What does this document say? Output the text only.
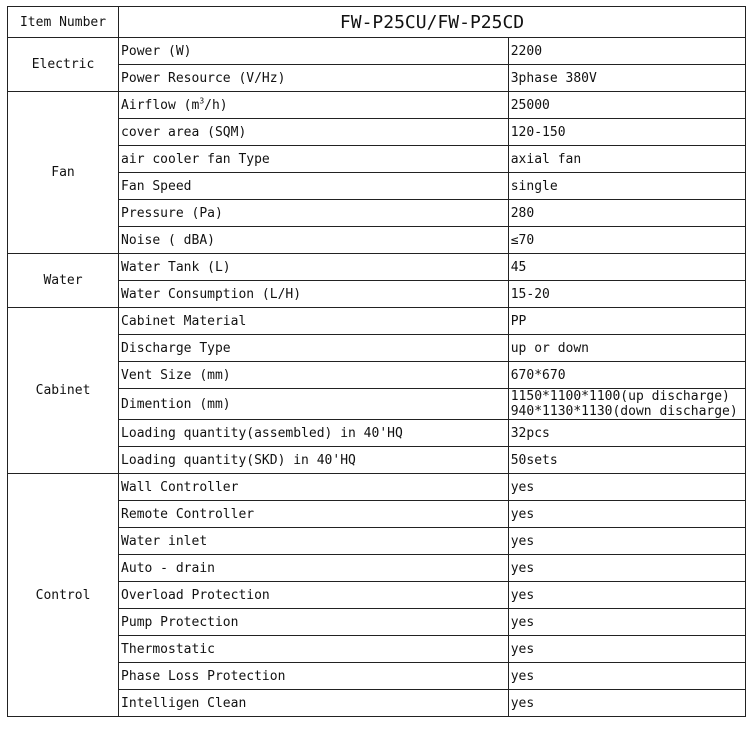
Item Number	FW-P25CU/FW-P25CD	
Electric	Power (W)	2200
	Power Resource (V/Hz)	3phase 380V
Fan	Airflow $(m^3/h)$	25000
	cover area (SQM)	120-150
	air cooler fan Type	axial fan
	Fan Speed	single
	Pressure (Pa)	280
	Noise ( dBA)	≤70
Water	Water Tank (L)	45
	Water Consumption (L/H)	15-20
Cabinet	Cabinet Material	PP
	Discharge Type	up or down
	Vent Size (mm)	670*670
	Dimention (mm)	1150*1100*1100(up discharge)
940*1130*1130(down discharge)

	Loading quantity(assembled) in 40'HQ	32pcs
	Loading quantity(SKD) in 40'HQ	50sets
Control	Wall Controller	yes
	Remote Controller	yes
	Water inlet	yes
	Auto - drain	yes
	Overload Protection	yes
	Pump Protection	yes
	Thermostatic	yes
	Phase Loss Protection	yes
	Intelligen Clean	yes
